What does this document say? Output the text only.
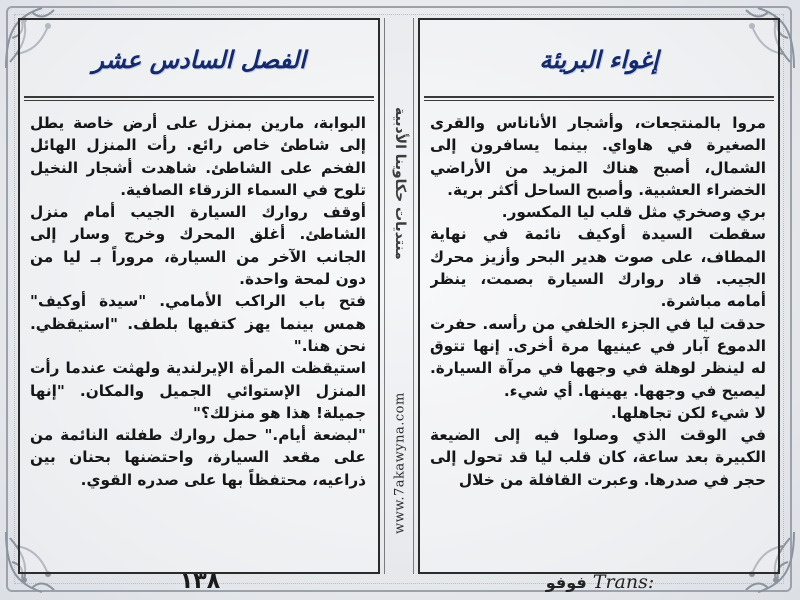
الفصل السادس عشر

البوابة، مارين بمنزل على أرض خاصة يطل إلى شاطئ خاص رائع. رأت المنزل الهائل الفخم على الشاطئ. شاهدت أشجار النخيل تلوح في السماء الزرقاء الصافية.

أوقف روارك السيارة الجيب أمام منزل الشاطئ. أغلق المحرك وخرج وسار إلى الجانب الآخر من السيارة، مروراً بـ ليا من دون لمحة واحدة.

فتح باب الراكب الأمامي. "سيدة أوكيف" همس بينما يهز كتفيها بلطف. "استيقظي. نحن هنا."

استيقظت المرأة الإيرلندية ولهثت عندما رأت المنزل الإستوائي الجميل والمكان. "إنها جميلة! هذا هو منزلك؟"

"لبضعة أيام." حمل روارك طفلته النائمة من على مقعد السيارة، واحتضنها بحنان بين ذراعيه، محتفظاً بها على صدره القوي.

منتديات حكاوينا الأدبية
www.7akawyna.com
إغواء البريئة

مروا بالمنتجعات، وأشجار الأناناس والقرى الصغيرة في هاواي. بينما يسافرون إلى الشمال، أصبح هناك المزيد من الأراضي الخضراء العشبية. وأصبح الساحل أكثر برية.

بري وصخري مثل قلب ليا المكسور.

سقطت السيدة أوكيف نائمة في نهاية المطاف، على صوت هدير البحر وأزيز محرك الجيب. قاد روارك السيارة بصمت، ينظر أمامه مباشرة.

حدقت ليا في الجزء الخلفي من رأسه. حفرت الدموع آبار في عينيها مرة أخرى. إنها تتوق له لينظر لوهلة في وجهها في مرآة السيارة. ليصيح في وجهها. يهينها. أي شيء.

لا شيء لكن تجاهلها.

في الوقت الذي وصلوا فيه إلى الضيعة الكبيرة بعد ساعة، كان قلب ليا قد تحول إلى حجر في صدرها. وعبرت القافلة من خلال

١٣٨	فوفو Trans:
